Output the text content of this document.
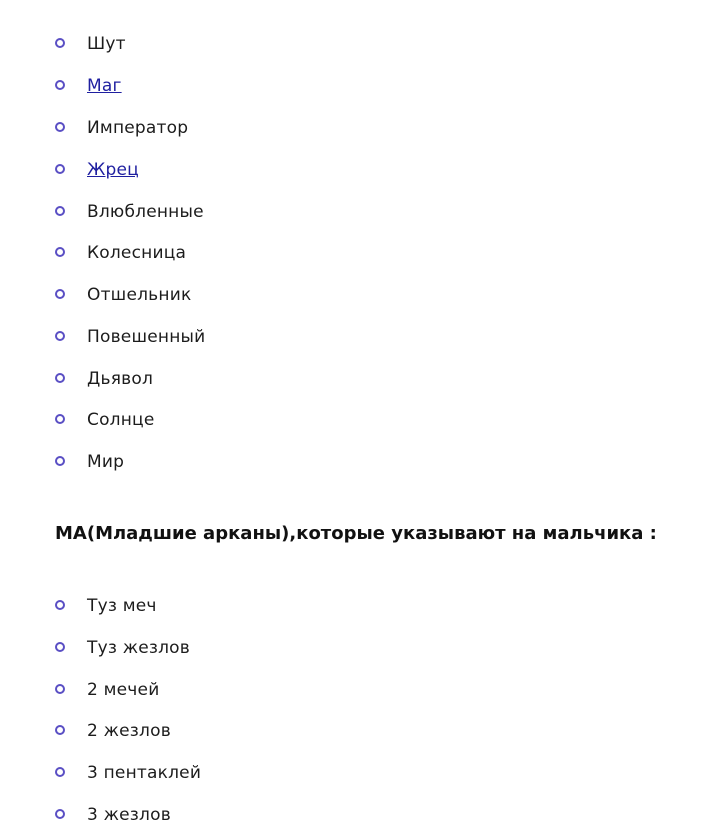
Шут
Маг
Император
Жрец
Влюбленные
Колесница
Отшельник
Повешенный
Дьявол
Солнце
Мир
МА(Младшие арканы),которые указывают на мальчика :
Туз меч
Туз жезлов
2 мечей
2 жезлов
3 пентаклей
3 жезлов
